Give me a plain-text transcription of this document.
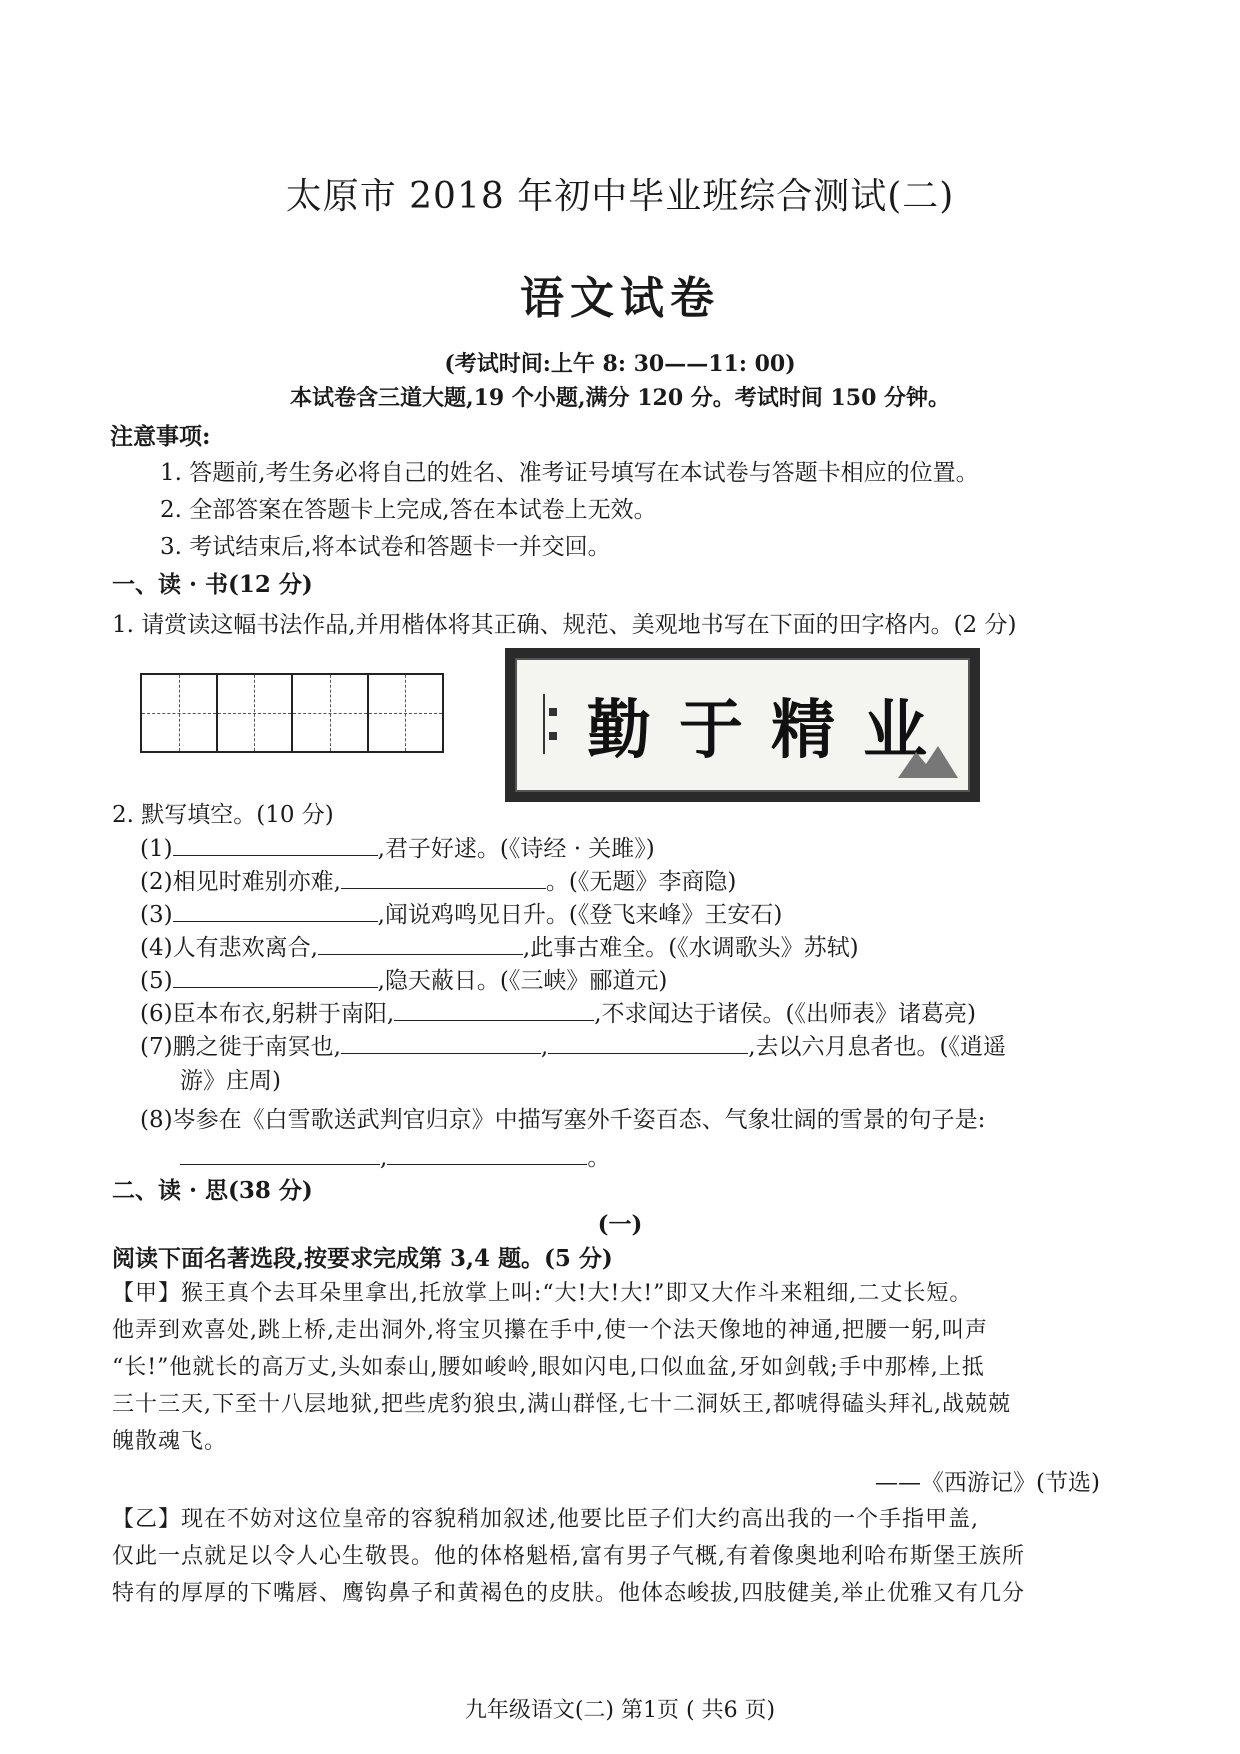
太原市 2018 年初中毕业班综合测试(二)
语文试卷
(考试时间:上午 8: 30——11: 00)
本试卷含三道大题,19 个小题,满分 120 分。考试时间 150 分钟。
注意事项:
1. 答题前,考生务必将自己的姓名、准考证号填写在本试卷与答题卡相应的位置。
2. 全部答案在答题卡上完成,答在本试卷上无效。
3. 考试结束后,将本试卷和答题卡一并交回。
一、读 · 书(12 分)
1. 请赏读这幅书法作品,并用楷体将其正确、规范、美观地书写在下面的田字格内。(2 分)
勤 于 精 业
2. 默写填空。(10 分)
(1)	,君子好逑。(《诗经 · 关雎》)
(2)相见时难别亦难,	。(《无题》李商隐)
(3)	,闻说鸡鸣见日升。(《登飞来峰》王安石)
(4)人有悲欢离合,	,此事古难全。(《水调歌头》苏轼)
(5)	,隐天蔽日。(《三峡》郦道元)
(6)臣本布衣,躬耕于南阳,	,不求闻达于诸侯。(《出师表》诸葛亮)
(7)鹏之徙于南冥也,	,	,去以六月息者也。(《逍遥
游》庄周)
(8)岑参在《白雪歌送武判官归京》中描写塞外千姿百态、气象壮阔的雪景的句子是:
,	。
二、读 · 思(38 分)
(一)
阅读下面名著选段,按要求完成第 3,4 题。(5 分)
【甲】猴王真个去耳朵里拿出,托放掌上叫:“大!大!大!”即又大作斗来粗细,二丈长短。
他弄到欢喜处,跳上桥,走出洞外,将宝贝攥在手中,使一个法天像地的神通,把腰一躬,叫声
“长!”他就长的高万丈,头如泰山,腰如峻岭,眼如闪电,口似血盆,牙如剑戟;手中那棒,上抵
三十三天,下至十八层地狱,把些虎豹狼虫,满山群怪,七十二洞妖王,都唬得磕头拜礼,战兢兢
魄散魂飞。
——《西游记》(节选)
【乙】现在不妨对这位皇帝的容貌稍加叙述,他要比臣子们大约高出我的一个手指甲盖,
仅此一点就足以令人心生敬畏。他的体格魁梧,富有男子气概,有着像奥地利哈布斯堡王族所
特有的厚厚的下嘴唇、鹰钩鼻子和黄褐色的皮肤。他体态峻拔,四肢健美,举止优雅又有几分
九年级语文(二) 第1页 ( 共6 页)
